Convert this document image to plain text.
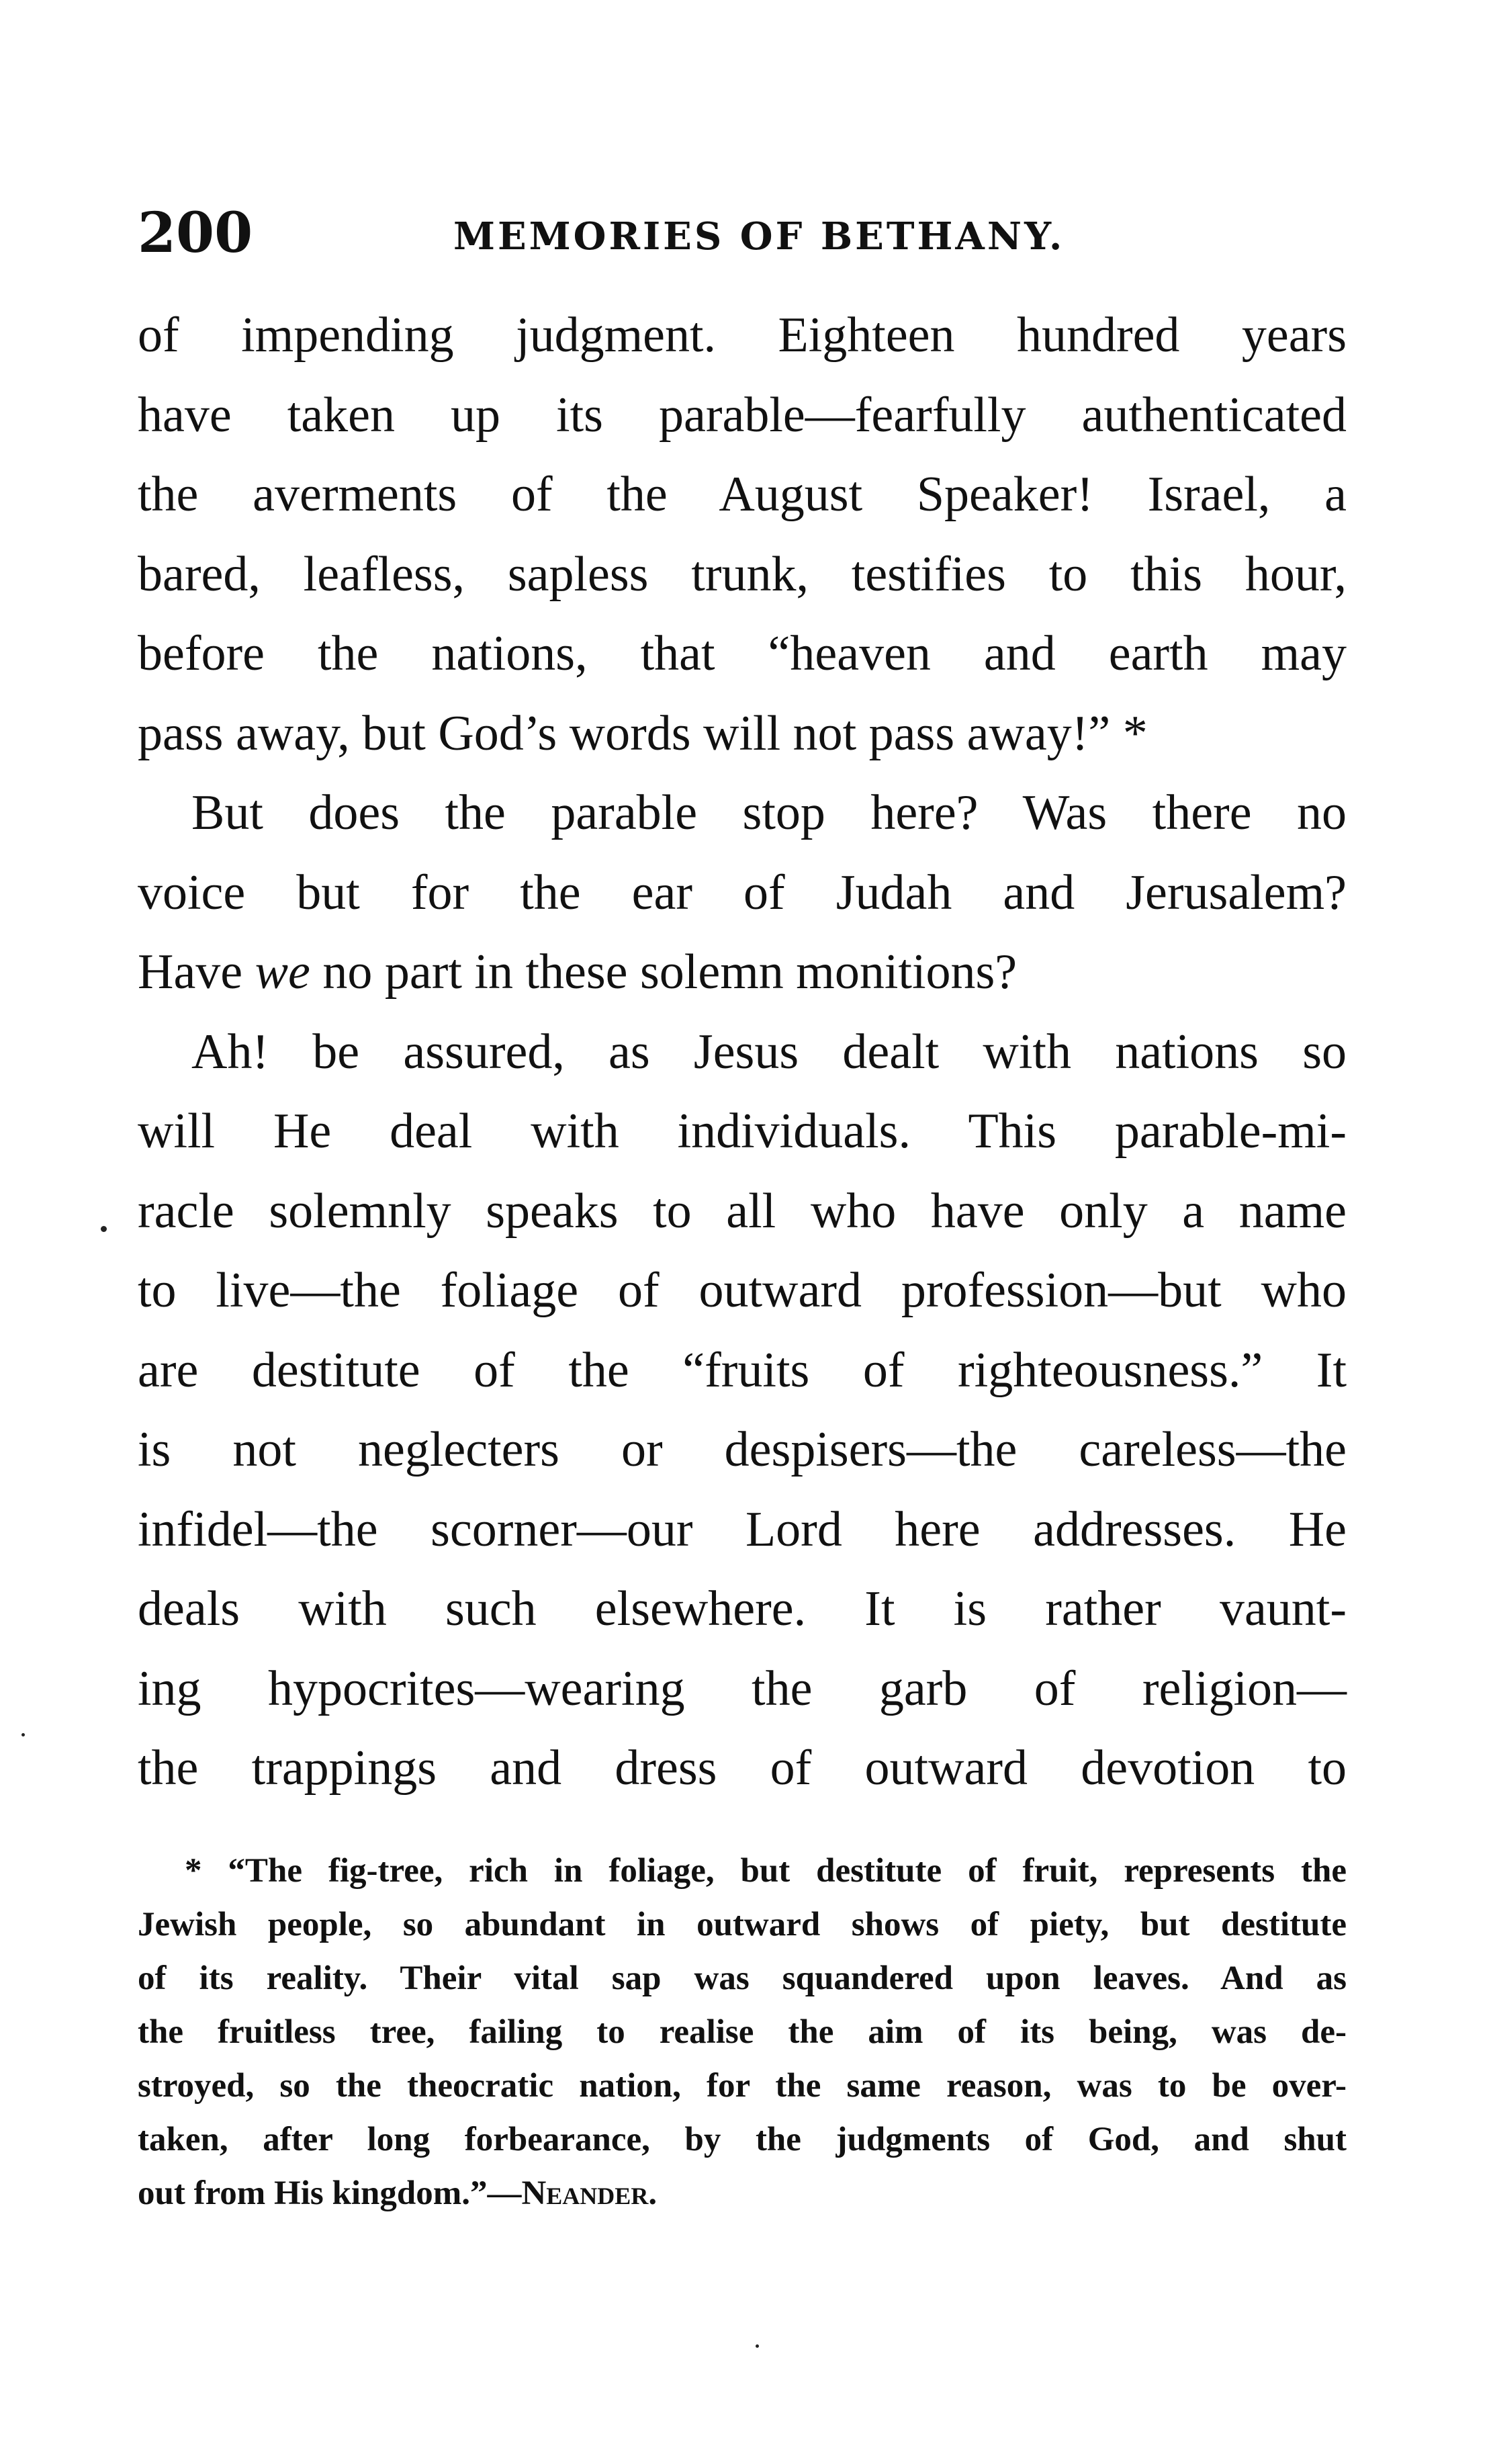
200	MEMORIES OF BETHANY.
of impending judgment. Eighteen hundred years
have taken up its parable—fearfully authenticated
the averments of the August Speaker! Israel, a
bared, leafless, sapless trunk, testifies to this hour,
before the nations, that “heaven and earth may
pass away, but God’s words will not pass away!” *
But does the parable stop here? Was there no
voice but for the ear of Judah and Jerusalem?
Have we no part in these solemn monitions?
Ah! be assured, as Jesus dealt with nations so
will He deal with individuals. This parable-mi-
racle solemnly speaks to all who have only a name
to live—the foliage of outward profession—but who
are destitute of the “fruits of righteousness.” It
is not neglecters or despisers—the careless—the
infidel—the scorner—our Lord here addresses. He
deals with such elsewhere. It is rather vaunt-
ing hypocrites—wearing the garb of religion—
the trappings and dress of outward devotion to
* “The fig-tree, rich in foliage, but destitute of fruit, represents the
Jewish people, so abundant in outward shows of piety, but destitute
of its reality. Their vital sap was squandered upon leaves. And as
the fruitless tree, failing to realise the aim of its being, was de-
stroyed, so the theocratic nation, for the same reason, was to be over-
taken, after long forbearance, by the judgments of God, and shut
out from His kingdom.”—Neander.
